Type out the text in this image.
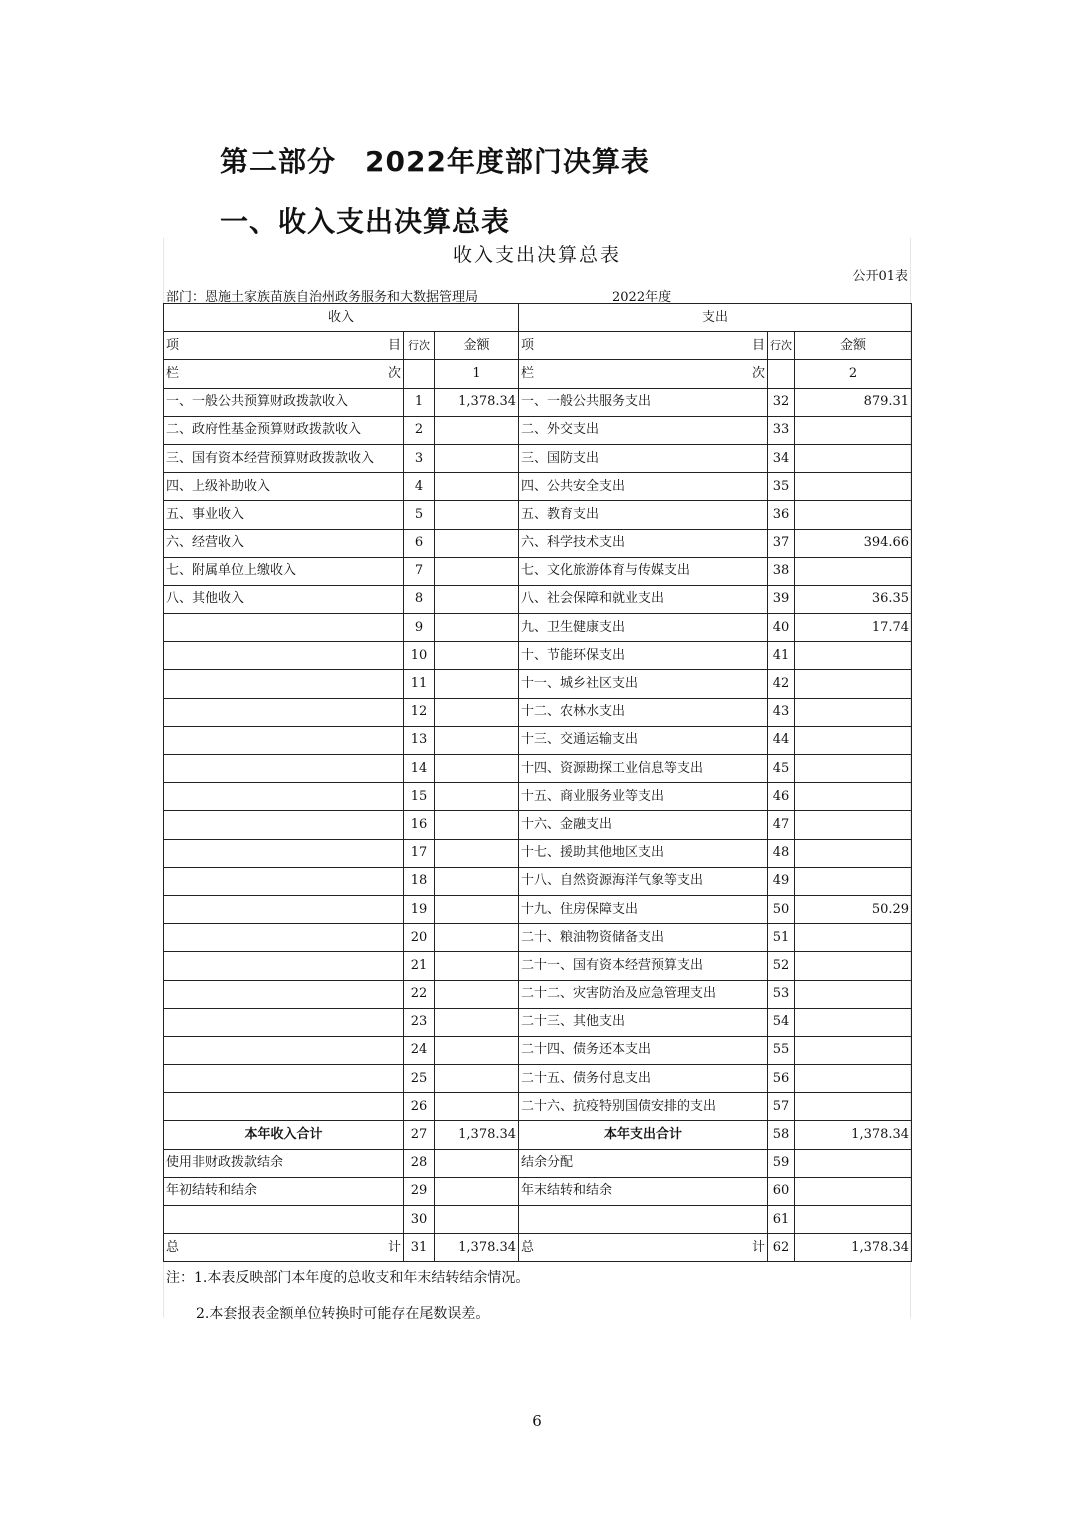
第二部分　2022年度部门决算表
一、收入支出决算总表
收入支出决算总表
公开01表
部门：恩施土家族苗族自治州政务服务和大数据管理局	2022年度
收入			支出		

项 目	行次	金额	项 目	行次	金额

栏 次		1	栏 次		2
一、一般公共预算财政拨款收入	1	1,378.34	一、一般公共服务支出	32	879.31
二、政府性基金预算财政拨款收入	2		二、外交支出	33	
三、国有资本经营预算财政拨款收入	3		三、国防支出	34	
四、上级补助收入	4		四、公共安全支出	35	
五、事业收入	5		五、教育支出	36	
六、经营收入	6		六、科学技术支出	37	394.66
七、附属单位上缴收入	7		七、文化旅游体育与传媒支出	38	
八、其他收入	8		八、社会保障和就业支出	39	36.35
	9		九、卫生健康支出	40	17.74
	10		十、节能环保支出	41	
	11		十一、城乡社区支出	42	
	12		十二、农林水支出	43	
	13		十三、交通运输支出	44	
	14		十四、资源勘探工业信息等支出	45	
	15		十五、商业服务业等支出	46	
	16		十六、金融支出	47	
	17		十七、援助其他地区支出	48	
	18		十八、自然资源海洋气象等支出	49	
	19		十九、住房保障支出	50	50.29
	20		二十、粮油物资储备支出	51	
	21		二十一、国有资本经营预算支出	52	
	22		二十二、灾害防治及应急管理支出	53	
	23		二十三、其他支出	54	
	24		二十四、债务还本支出	55	
	25		二十五、债务付息支出	56	
	26		二十六、抗疫特别国债安排的支出	57	
本年收入合计	27	1,378.34	本年支出合计	58	1,378.34
使用非财政拨款结余	28		结余分配	59	
年初结转和结余	29		年末结转和结余	60	
	30			61	

总 计	31	1,378.34	总 计	62	1,378.34
注：1.本表反映部门本年度的总收支和年末结转结余情况。
2.本套报表金额单位转换时可能存在尾数误差。
6
